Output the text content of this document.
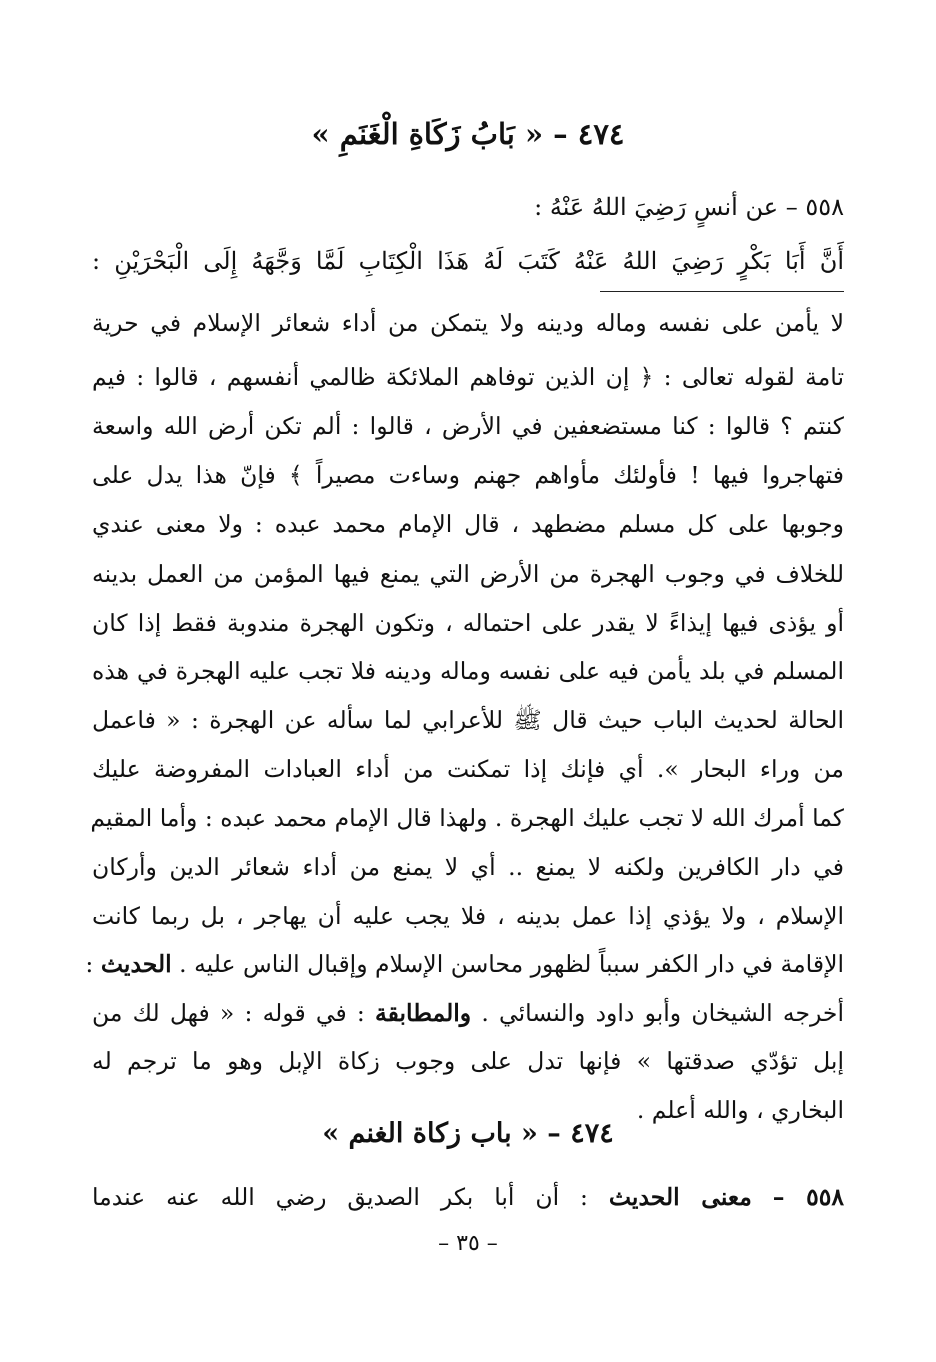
٤٧٤ – « بَابُ زَكَاةِ الْغَنَمِ »
٥٥٨ – عن أنسٍ رَضِيَ اللهُ عَنْهُ :
أَنَّ أَبَا بَكْرٍ رَضِيَ اللهُ عَنْهُ كَتَبَ لَهُ هَذَا الْكِتَابِ لَمَّا وَجَّهَهُ إِلَى الْبَحْرَيْنِ :
لا يأمن على نفسه وماله ودينه ولا يتمكن من أداء شعائر الإسلام في حرية
تامة لقوله تعالى : ﴿ إن الذين توفاهم الملائكة ظالمي أنفسهم ، قالوا : فيم
كنتم ؟ قالوا : كنا مستضعفين في الأرض ، قالوا : ألم تكن أرض الله واسعة
فتهاجروا فيها ! فأولئك مأواهم جهنم وساءت مصيراً ﴾ فإنّ هذا يدل على
وجوبها على كل مسلم مضطهد ، قال الإمام محمد عبده : ولا معنى عندي
للخلاف في وجوب الهجرة من الأرض التي يمنع فيها المؤمن من العمل بدينه
أو يؤذى فيها إيذاءً لا يقدر على احتماله ، وتكون الهجرة مندوبة فقط إذا كان
المسلم في بلد يأمن فيه على نفسه وماله ودينه فلا تجب عليه الهجرة في هذه
الحالة لحديث الباب حيث قال ﷺ للأعرابي لما سأله عن الهجرة : « فاعمل
من وراء البحار ». أي فإنك إذا تمكنت من أداء العبادات المفروضة عليك
كما أمرك الله لا تجب عليك الهجرة . ولهذا قال الإمام محمد عبده : وأما المقيم
في دار الكافرين ولكنه لا يمنع .. أي لا يمنع من أداء شعائر الدين وأركان
الإسلام ، ولا يؤذي إذا عمل بدينه ، فلا يجب عليه أن يهاجر ، بل ربما كانت
الإقامة في دار الكفر سبباً لظهور محاسن الإسلام وإقبال الناس عليه . الحديث :
أخرجه الشيخان وأبو داود والنسائي . والمطابقة : في قوله : « فهل لك من
إبل تؤدّي صدقتها » فإنها تدل على وجوب زكاة الإبل وهو ما ترجم له
البخاري ، والله أعلم .
٤٧٤ – « باب زكاة الغنم »
٥٥٨ – معنى الحديث : أن أبا بكر الصديق رضي الله عنه عندما
– ٣٥ –
